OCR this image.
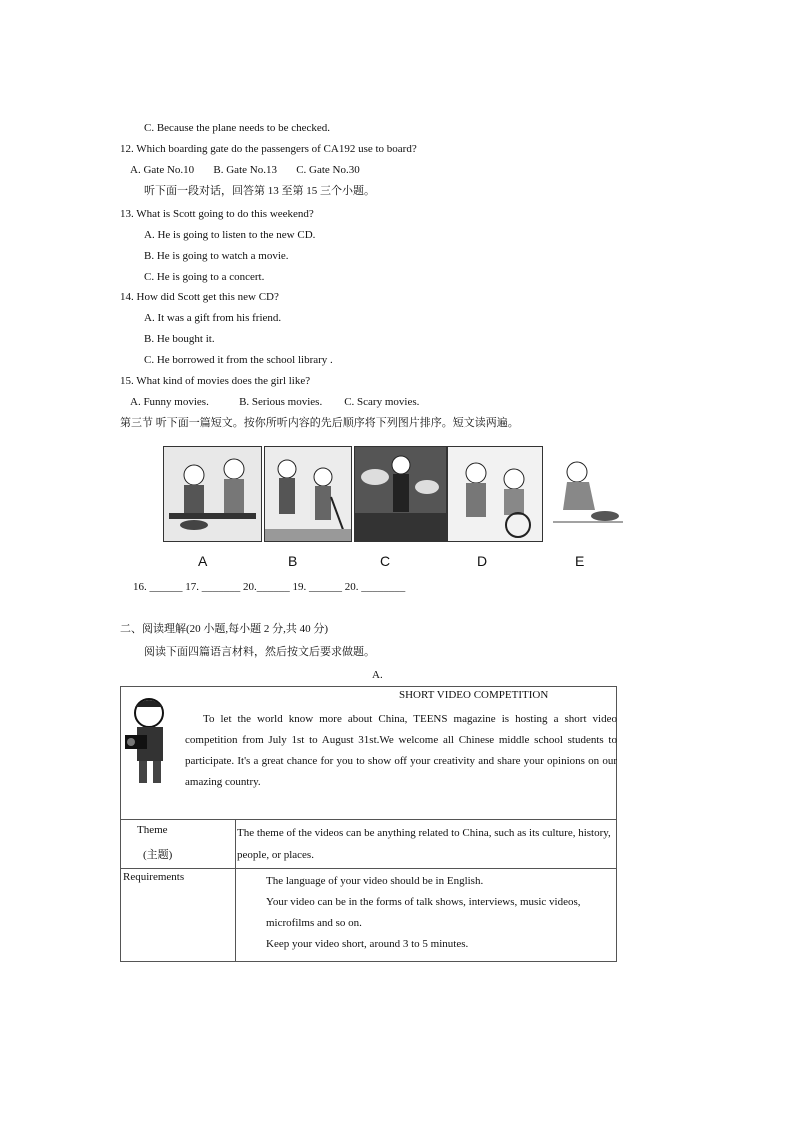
C. Because the plane needs to be checked.
12. Which boarding gate do the passengers of CA192 use to board?
A. Gate No.10       B. Gate No.13       C. Gate No.30
听下面一段对话，回答第 13 至第 15 三个小题。
13. What is Scott going to do this weekend?
A. He is going to listen to the new CD.
B. He is going to watch a movie.
C. He is going to a concert.
14. How did Scott get this new CD?
A. It was a gift from his friend.
B. He bought it.
C. He borrowed it from the school library .
15. What kind of movies does the girl like?
A. Funny movies.           B. Serious movies.        C. Scary movies.
第三节 听下面一篇短文。按你所听内容的先后顺序将下列图片排序。短文读两遍。
A	B	C	D	E
16. ______ 17. _______ 20.______ 19. ______ 20. ________
二、阅读理解(20 小题,每小题 2 分,共 40 分)
阅读下面四篇语言材料，然后按文后要求做题。
A.
SHORT VIDEO COMPETITION
To let the world know more about China, TEENS magazine is hosting a short video competition from July 1st to August 31st.We welcome all Chinese middle school students to participate. It's a great chance for you to show off your creativity and share your opinions on our amazing country.	

Theme
(主题)	The theme of the videos can be anything related to China, such as its culture, history, people, or places.
Requirements	The language of your video should be in English.
Your video can be in the forms of talk shows, interviews, music videos, microfilms and so on.
Keep your video short, around 3 to 5 minutes.
